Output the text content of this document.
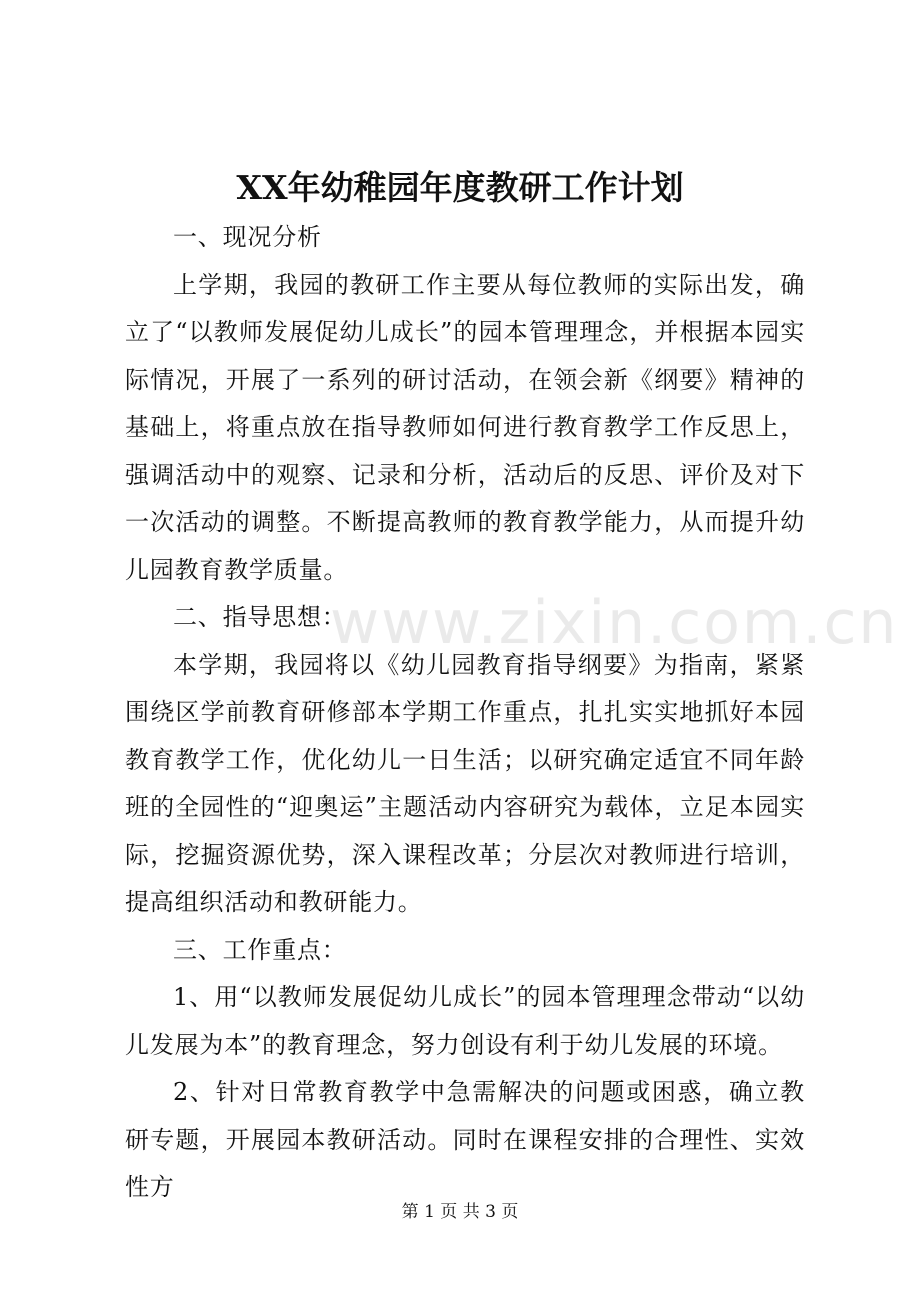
www.zixin.com.cn
XX年幼稚园年度教研工作计划

一、现况分析

上学期，我园的教研工作主要从每位教师的实际出发，确立了“以教师发展促幼儿成长”的园本管理理念，并根据本园实际情况，开展了一系列的研讨活动，在领会新《纲要》精神的基础上，将重点放在指导教师如何进行教育教学工作反思上，强调活动中的观察、记录和分析，活动后的反思、评价及对下一次活动的调整。不断提高教师的教育教学能力，从而提升幼儿园教育教学质量。

二、指导思想：

本学期，我园将以《幼儿园教育指导纲要》为指南，紧紧围绕区学前教育研修部本学期工作重点，扎扎实实地抓好本园教育教学工作，优化幼儿一日生活；以研究确定适宜不同年龄班的全园性的“迎奥运”主题活动内容研究为载体，立足本园实际，挖掘资源优势，深入课程改革；分层次对教师进行培训，提高组织活动和教研能力。

三、工作重点：

1、用“以教师发展促幼儿成长”的园本管理理念带动“以幼儿发展为本”的教育理念，努力创设有利于幼儿发展的环境。

2、针对日常教育教学中急需解决的问题或困惑，确立教研专题，开展园本教研活动。同时在课程安排的合理性、实效性方

第 1 页 共 3 页
